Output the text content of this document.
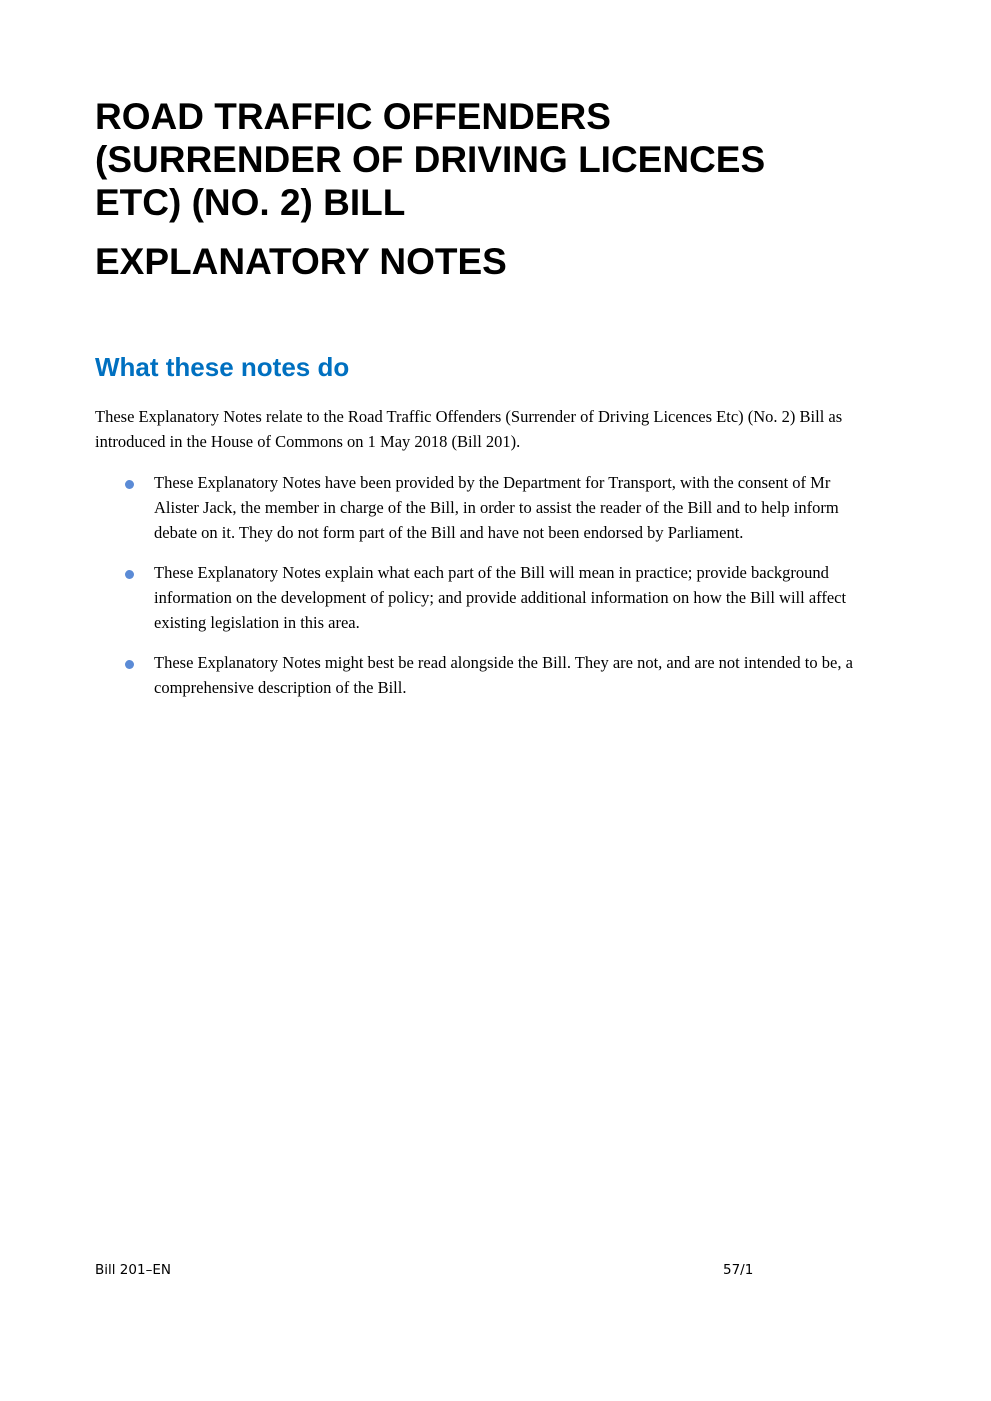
ROAD TRAFFIC OFFENDERS (SURRENDER OF DRIVING LICENCES ETC) (NO. 2) BILL
EXPLANATORY NOTES
What these notes do

These Explanatory Notes relate to the Road Traffic Offenders (Surrender of Driving Licences Etc) (No. 2) Bill as introduced in the House of Commons on 1 May 2018 (Bill 201).

These Explanatory Notes have been provided by the Department for Transport, with the consent of Mr Alister Jack, the member in charge of the Bill, in order to assist the reader of the Bill and to help inform debate on it. They do not form part of the Bill and have not been endorsed by Parliament.
These Explanatory Notes explain what each part of the Bill will mean in practice; provide background information on the development of policy; and provide additional information on how the Bill will affect existing legislation in this area.
These Explanatory Notes might best be read alongside the Bill. They are not, and are not intended to be, a comprehensive description of the Bill.
Bill 201–EN	57/1
